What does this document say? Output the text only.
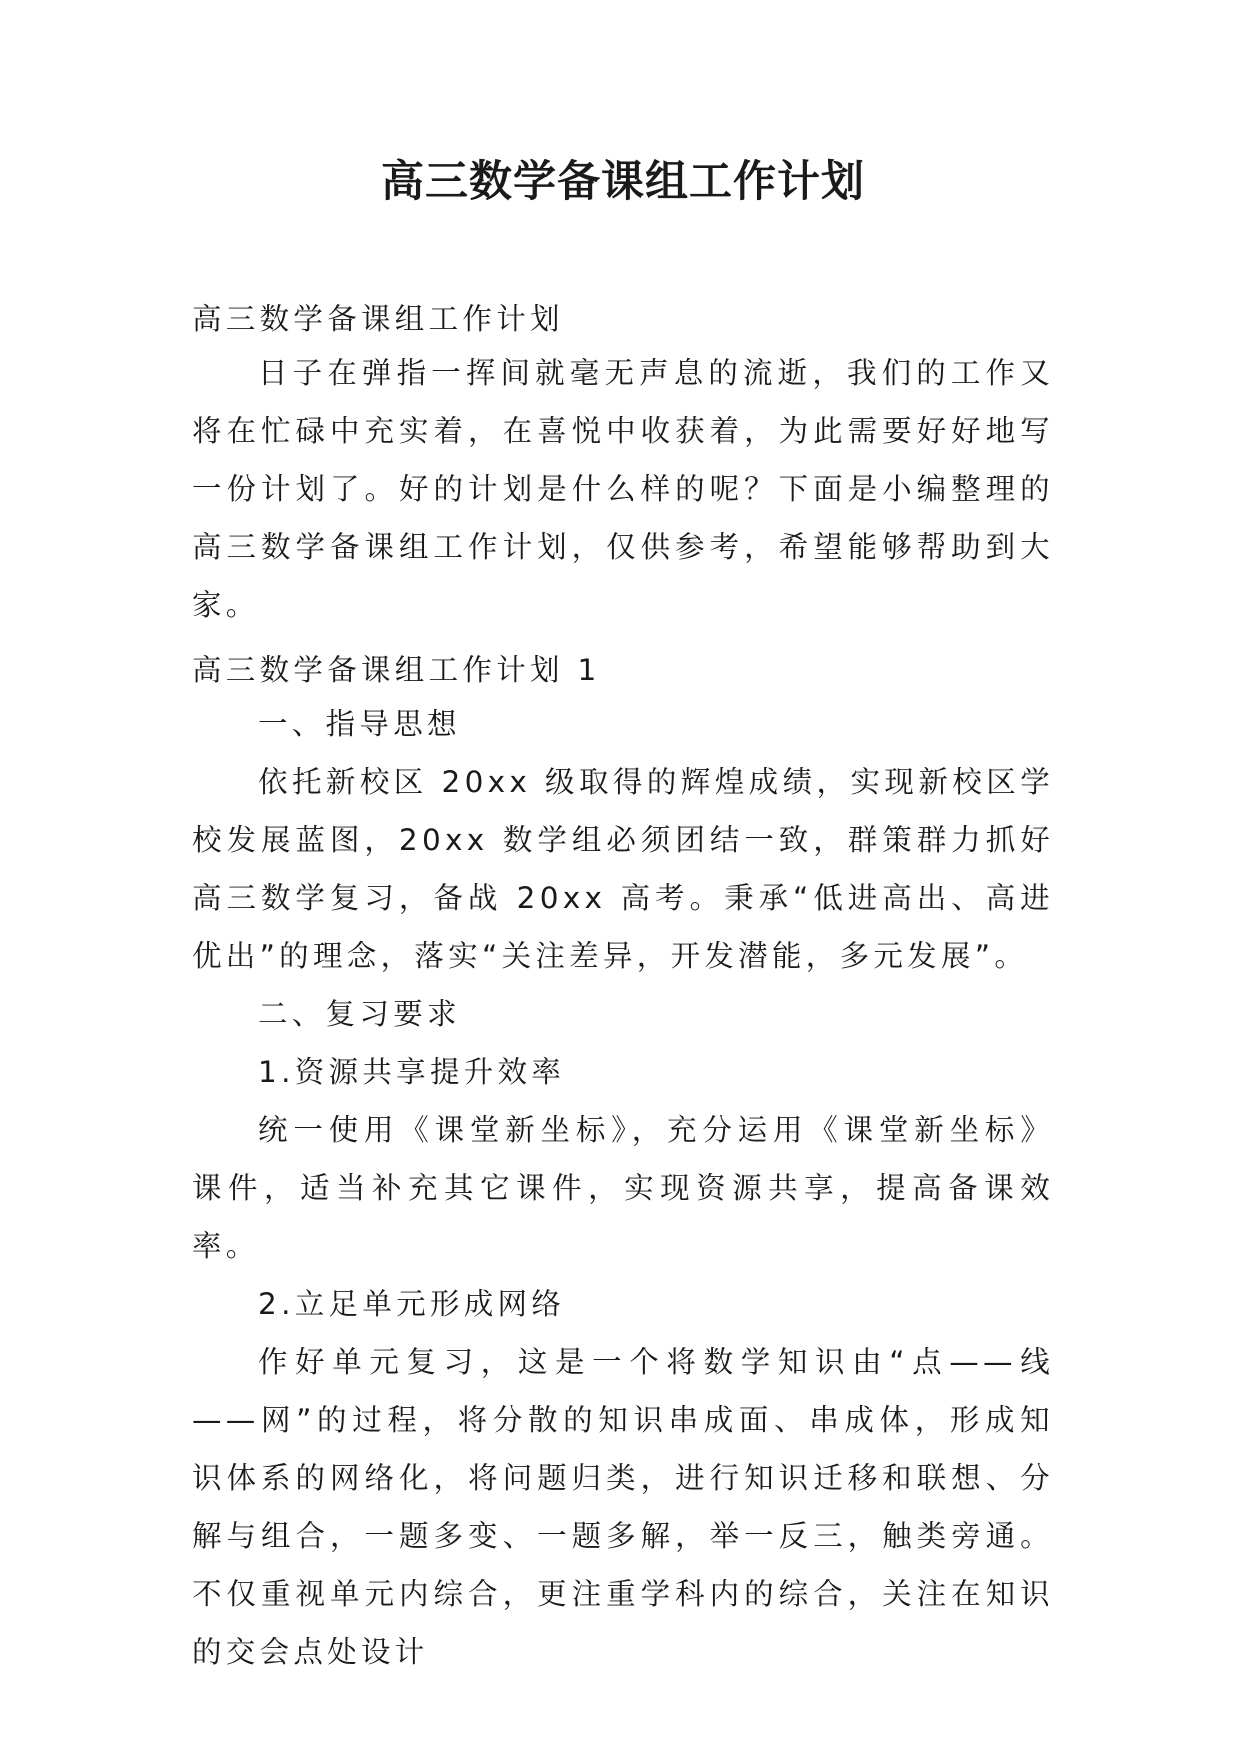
高三数学备课组工作计划

高三数学备课组工作计划

日子在弹指一挥间就毫无声息的流逝，我们的工作又将在忙碌中充实着，在喜悦中收获着，为此需要好好地写一份计划了。好的计划是什么样的呢？下面是小编整理的高三数学备课组工作计划，仅供参考，希望能够帮助到大家。

高三数学备课组工作计划 1

一、指导思想

依托新校区 20xx 级取得的辉煌成绩，实现新校区学校发展蓝图，20xx 数学组必须团结一致，群策群力抓好高三数学复习，备战 20xx 高考。秉承“低进高出、高进优出”的理念，落实“关注差异，开发潜能，多元发展”。

二、复习要求

1.资源共享提升效率

统一使用《课堂新坐标》，充分运用《课堂新坐标》课件，适当补充其它课件，实现资源共享，提高备课效率。

2.立足单元形成网络

作好单元复习，这是一个将数学知识由“点——线——网”的过程，将分散的知识串成面、串成体，形成知识体系的网络化，将问题归类，进行知识迁移和联想、分解与组合，一题多变、一题多解，举一反三，触类旁通。不仅重视单元内综合，更注重学科内的综合，关注在知识的交会点处设计
